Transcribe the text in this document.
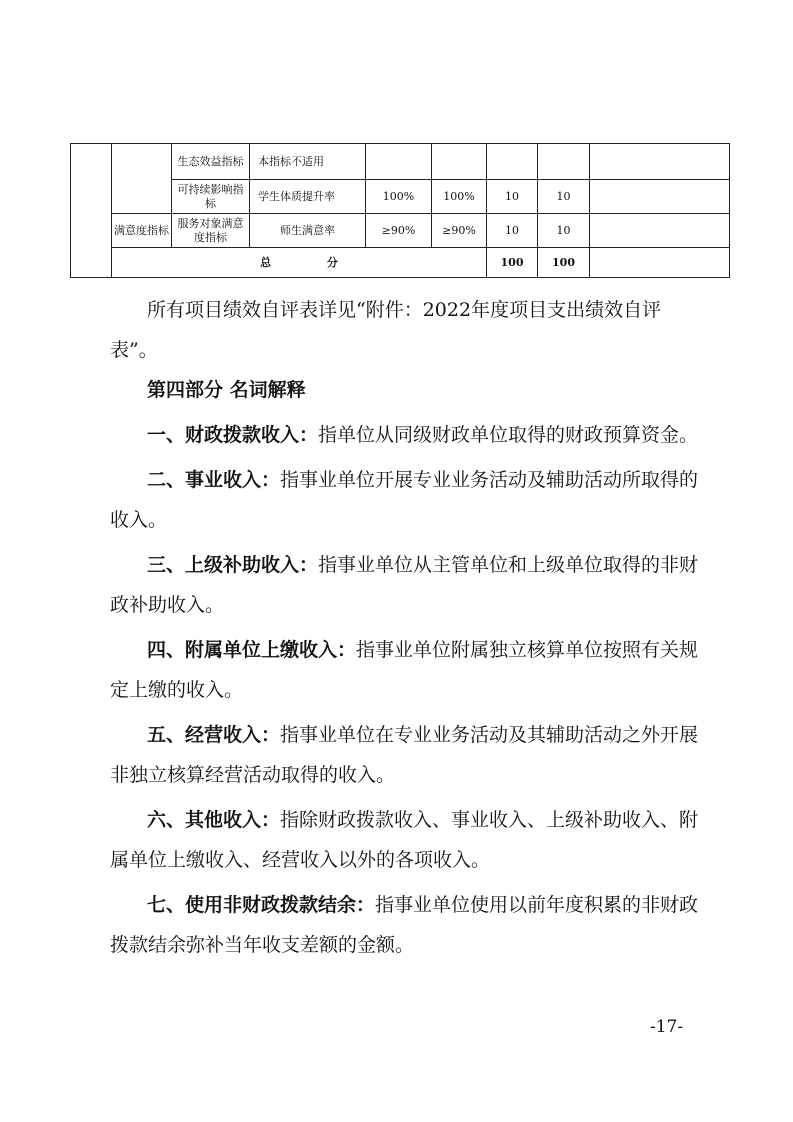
		生态效益指标	本指标不适用					
		可持续影响指标	学生体质提升率	100%	100%	10	10	
	满意度指标	服务对象满意度指标	师生满意率	≥90%	≥90%	10	10	
	总 分					100	100	

所有项目绩效自评表详见“附件：2022年度项目支出绩效自评表”。

第四部分 名词解释

一、财政拨款收入：指单位从同级财政单位取得的财政预算资金。

二、事业收入：指事业单位开展专业业务活动及辅助活动所取得的收入。

三、上级补助收入：指事业单位从主管单位和上级单位取得的非财政补助收入。

四、附属单位上缴收入：指事业单位附属独立核算单位按照有关规定上缴的收入。

五、经营收入：指事业单位在专业业务活动及其辅助活动之外开展非独立核算经营活动取得的收入。

六、其他收入：指除财政拨款收入、事业收入、上级补助收入、附属单位上缴收入、经营收入以外的各项收入。

七、使用非财政拨款结余：指事业单位使用以前年度积累的非财政拨款结余弥补当年收支差额的金额。

-17-
